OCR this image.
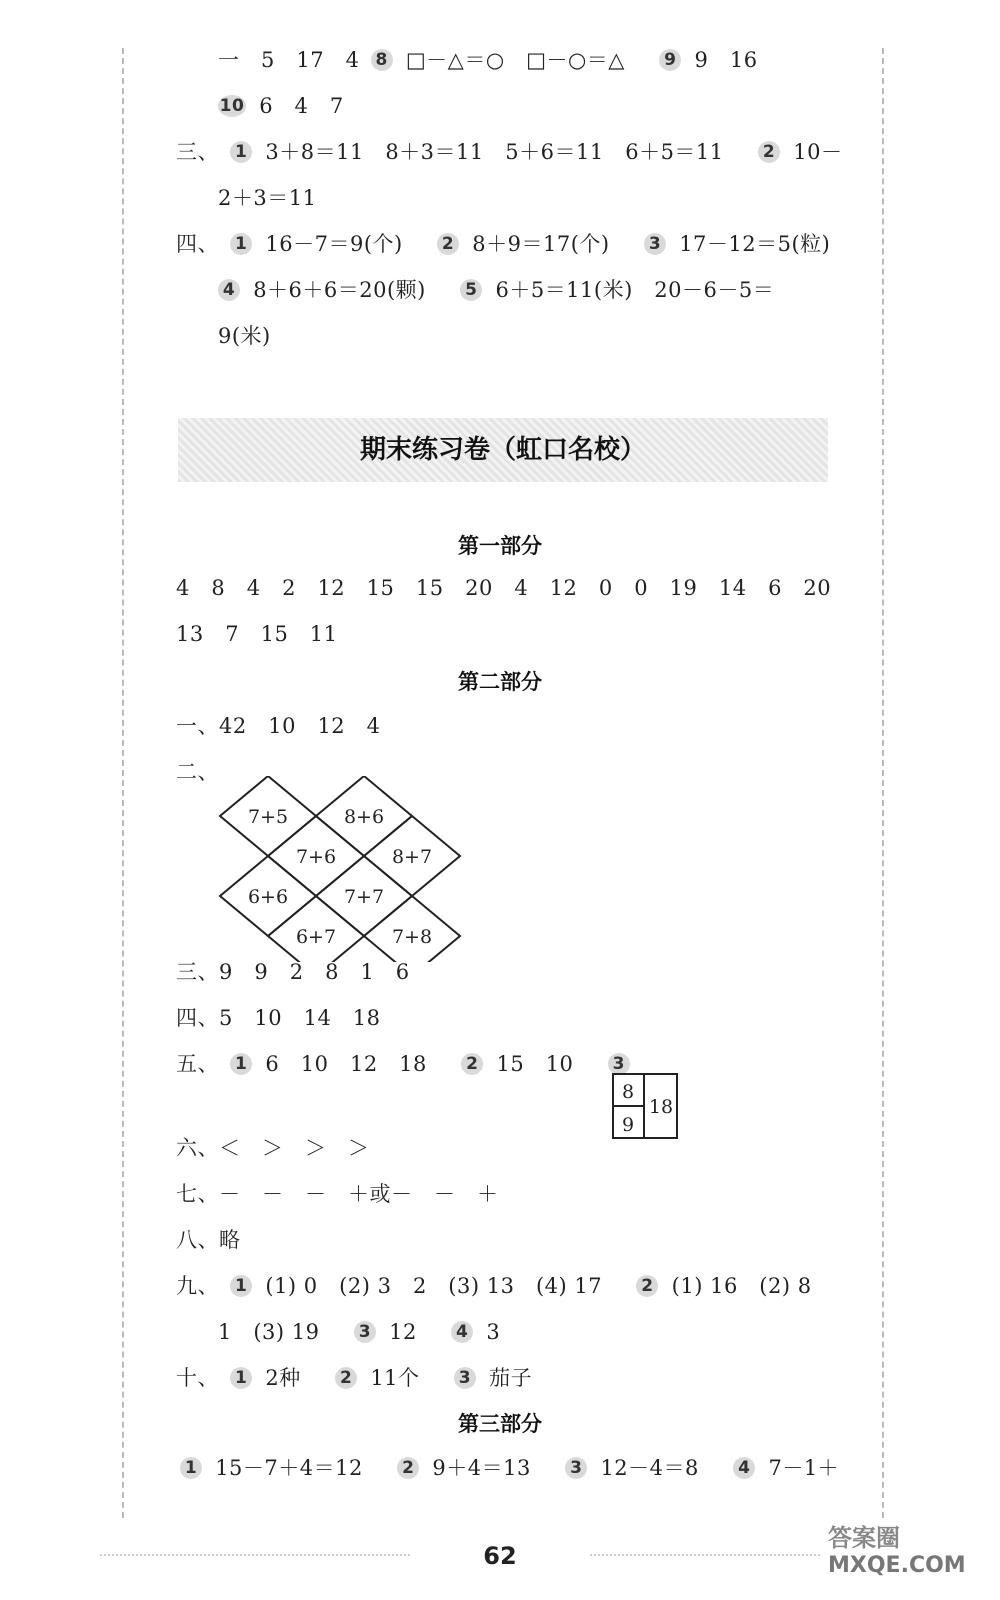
一　5　17　4 8 □－△＝○　□－○＝△ 9 9　16
10 6　4　7
三、 1 3＋8＝11　8＋3＝11　5＋6＝11　6＋5＝11 2 10－
2＋3＝11
四、 1 16－7＝9(个) 2 8＋9＝17(个) 3 17－12＝5(粒)
4 8＋6＋6＝20(颗) 5 6＋5＝11(米)　20－6－5＝
9(米)
期末练习卷（虹口名校）
第一部分
4　8　4　2　12　15　15　20　4　12　0　0　19　14　6　20
13　7　15　11
第二部分
一、42　10　12　4
二、
7+5	8+6
7+6	8+7
6+6	7+7
6+7	7+8
三、9　9　2　8　1　6
四、5　10　14　18
五、 1 6　10　12　18 2 15　10 3
8
9
18
六、＜　＞　＞　＞
七、－　－　－　＋或－　－　＋
八、略
九、 1 (1) 0　(2) 3　2　(3) 13　(4) 17 2 (1) 16　(2) 8
1　(3) 19 3 12 4 3
十、 1 2种 2 11个 3 茄子
第三部分
1 15－7＋4＝12 2 9＋4＝13 3 12－4＝8 4 7－1＋
62
答案圈
MXQE.COM
